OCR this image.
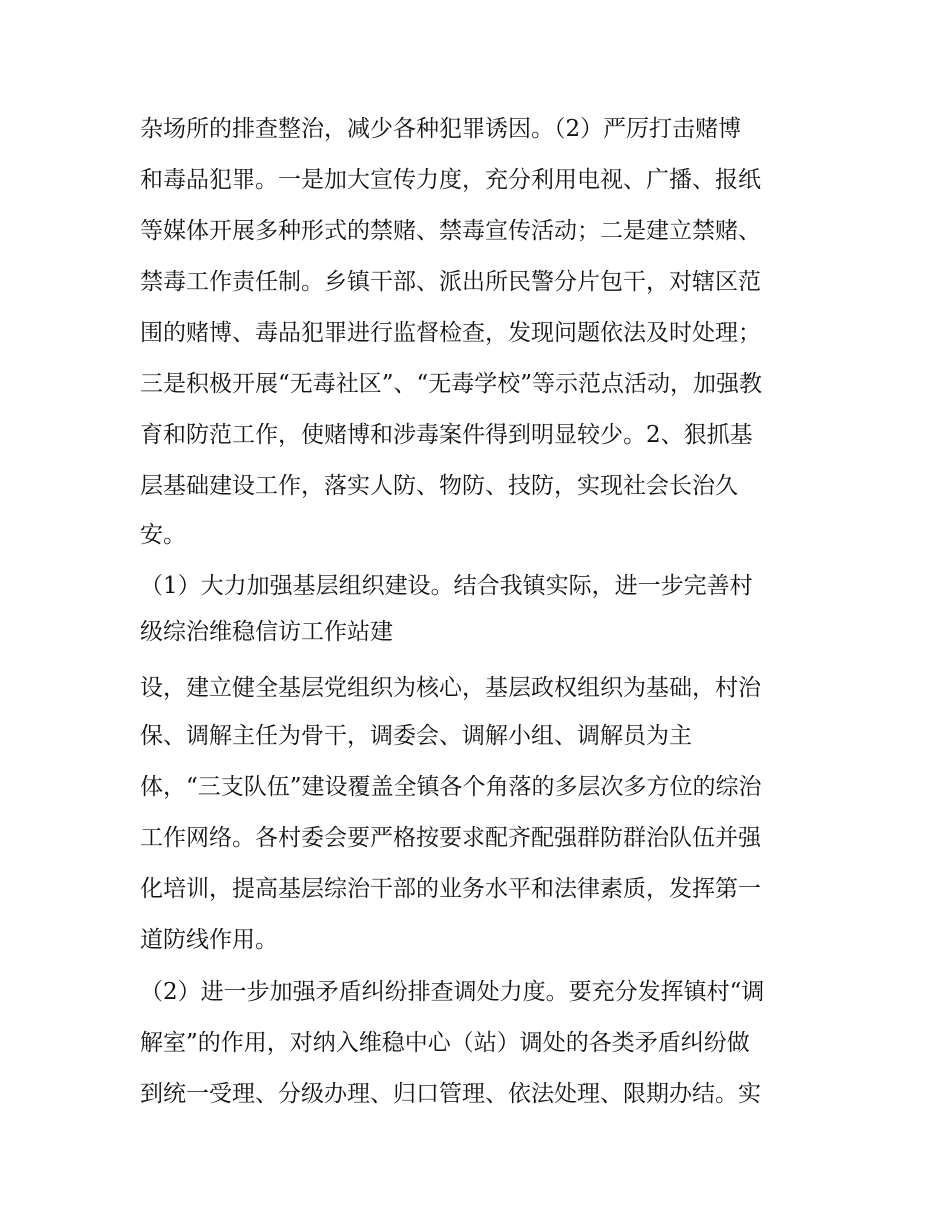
杂场所的排查整治，减少各种犯罪诱因。（2）严厉打击赌博
和毒品犯罪。一是加大宣传力度，充分利用电视、广播、报纸
等媒体开展多种形式的禁赌、禁毒宣传活动；二是建立禁赌、
禁毒工作责任制。乡镇干部、派出所民警分片包干，对辖区范
围的赌博、毒品犯罪进行监督检查，发现问题依法及时处理；
三是积极开展“无毒社区”、“无毒学校”等示范点活动，加强教
育和防范工作，使赌博和涉毒案件得到明显较少。2、狠抓基
层基础建设工作，落实人防、物防、技防，实现社会长治久
安。
（1）大力加强基层组织建设。结合我镇实际，进一步完善村
级综治维稳信访工作站建
设，建立健全基层党组织为核心，基层政权组织为基础，村治
保、调解主任为骨干，调委会、调解小组、调解员为主
体，“三支队伍”建设覆盖全镇各个角落的多层次多方位的综治
工作网络。各村委会要严格按要求配齐配强群防群治队伍并强
化培训，提高基层综治干部的业务水平和法律素质，发挥第一
道防线作用。
（2）进一步加强矛盾纠纷排查调处力度。要充分发挥镇村“调
解室”的作用，对纳入维稳中心（站）调处的各类矛盾纠纷做
到统一受理、分级办理、归口管理、依法处理、限期办结。实
